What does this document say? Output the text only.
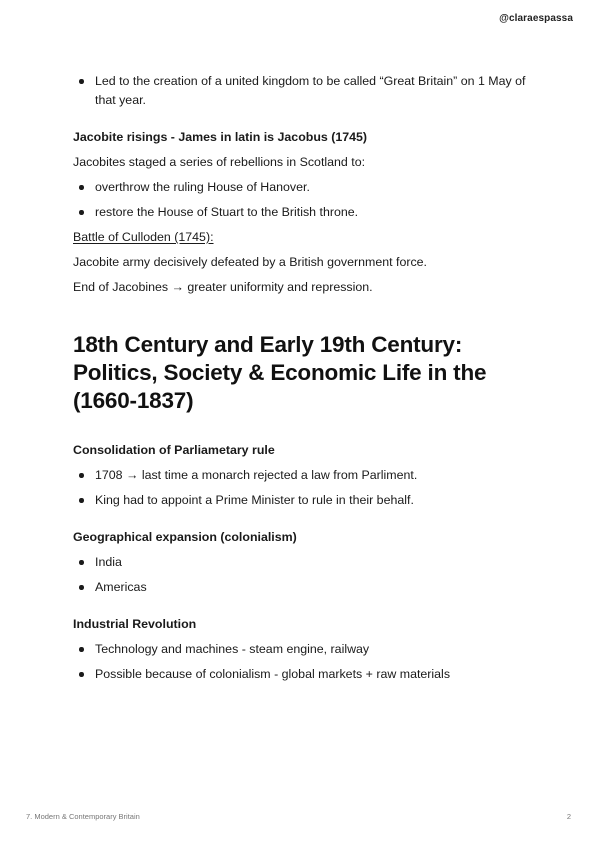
@claraespassa
Led to the creation of a united kingdom to be called “Great Britain” on 1 May of that year.
Jacobite risings - James in latin is Jacobus (1745)

Jacobites staged a series of rebellions in Scotland to:

overthrow the ruling House of Hanover.
restore the House of Stuart to the British throne.

Battle of Culloden (1745):

Jacobite army decisively defeated by a British government force.

End of Jacobines → greater uniformity and repression.

18th Century and Early 19th Century: Politics, Society & Economic Life in the (1660-1837)
Consolidation of Parliametary rule
1708 → last time a monarch rejected a law from Parliment.
King had to appoint a Prime Minister to rule in their behalf.
Geographical expansion (colonialism)
India
Americas
Industrial Revolution
Technology and machines - steam engine, railway
Possible because of colonialism - global markets + raw materials
7. Modern & Contemporary Britain	2
